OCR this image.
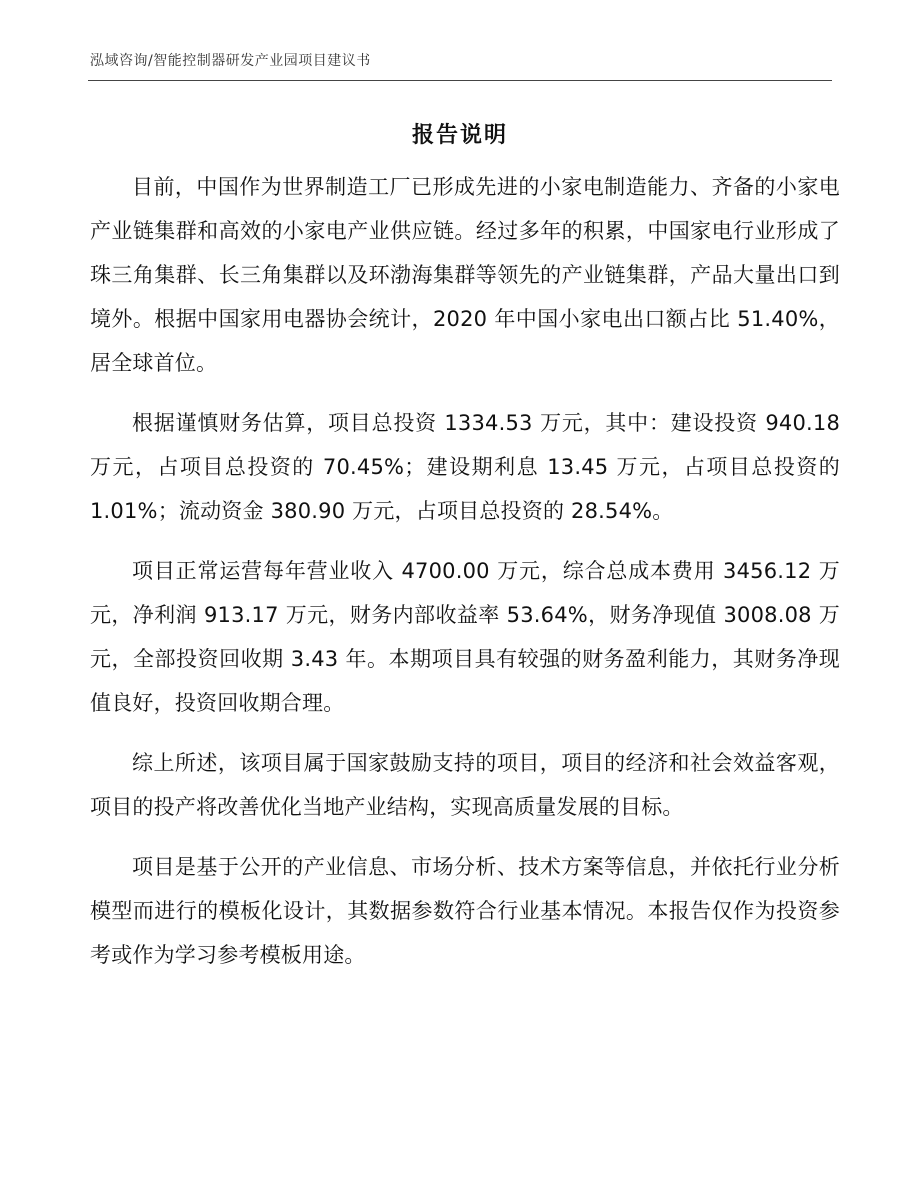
泓域咨询/智能控制器研发产业园项目建议书
报告说明

目前，中国作为世界制造工厂已形成先进的小家电制造能力、齐备的小家电产业链集群和高效的小家电产业供应链。经过多年的积累，中国家电行业形成了珠三角集群、长三角集群以及环渤海集群等领先的产业链集群，产品大量出口到境外。根据中国家用电器协会统计，2020 年中国小家电出口额占比 51.40%，居全球首位。

根据谨慎财务估算，项目总投资 1334.53 万元，其中：建设投资 940.18 万元，占项目总投资的 70.45%；建设期利息 13.45 万元，占项目总投资的 1.01%；流动资金 380.90 万元，占项目总投资的 28.54%。

项目正常运营每年营业收入 4700.00 万元，综合总成本费用 3456.12 万元，净利润 913.17 万元，财务内部收益率 53.64%，财务净现值 3008.08 万元，全部投资回收期 3.43 年。本期项目具有较强的财务盈利能力，其财务净现值良好，投资回收期合理。

综上所述，该项目属于国家鼓励支持的项目，项目的经济和社会效益客观，项目的投产将改善优化当地产业结构，实现高质量发展的目标。

项目是基于公开的产业信息、市场分析、技术方案等信息，并依托行业分析模型而进行的模板化设计，其数据参数符合行业基本情况。本报告仅作为投资参考或作为学习参考模板用途。
